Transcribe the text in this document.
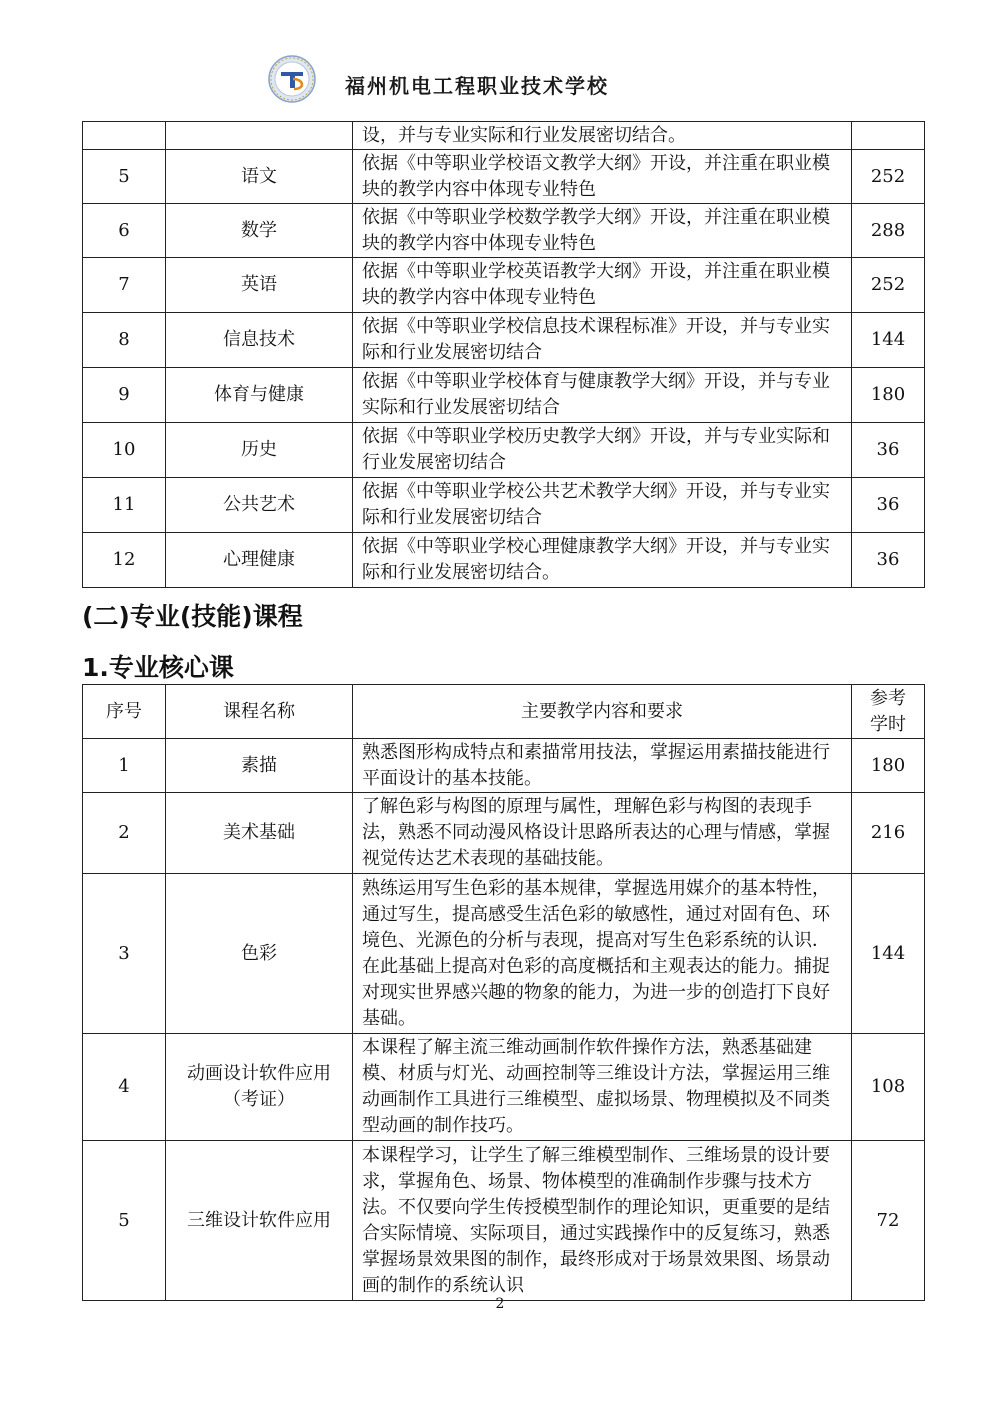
福州机电工程职业技术学校
		设，并与专业实际和行业发展密切结合。	
5	语文	依据《中等职业学校语文教学大纲》开设，并注重在职业模块的教学内容中体现专业特色	252
6	数学	依据《中等职业学校数学教学大纲》开设，并注重在职业模块的教学内容中体现专业特色	288
7	英语	依据《中等职业学校英语教学大纲》开设，并注重在职业模块的教学内容中体现专业特色	252
8	信息技术	依据《中等职业学校信息技术课程标准》开设，并与专业实际和行业发展密切结合	144
9	体育与健康	依据《中等职业学校体育与健康教学大纲》开设，并与专业实际和行业发展密切结合	180
10	历史	依据《中等职业学校历史教学大纲》开设，并与专业实际和行业发展密切结合	36
11	公共艺术	依据《中等职业学校公共艺术教学大纲》开设，并与专业实际和行业发展密切结合	36
12	心理健康	依据《中等职业学校心理健康教学大纲》开设，并与专业实际和行业发展密切结合。	36
(二)专业(技能)课程
1.专业核心课
序号	课程名称	主要教学内容和要求	参考学时
1	素描	熟悉图形构成特点和素描常用技法，掌握运用素描技能进行平面设计的基本技能。	180
2	美术基础	了解色彩与构图的原理与属性，理解色彩与构图的表现手法，熟悉不同动漫风格设计思路所表达的心理与情感，掌握视觉传达艺术表现的基础技能。	216
3	色彩	熟练运用写生色彩的基本规律，掌握选用媒介的基本特性，通过写生，提高感受生活色彩的敏感性，通过对固有色、环境色、光源色的分析与表现，提高对写生色彩系统的认识．在此基础上提高对色彩的高度概括和主观表达的能力。捕捉对现实世界感兴趣的物象的能力，为进一步的创造打下良好基础。	144
4	动画设计软件应用（考证）	本课程了解主流三维动画制作软件操作方法，熟悉基础建模、材质与灯光、动画控制等三维设计方法，掌握运用三维动画制作工具进行三维模型、虚拟场景、物理模拟及不同类型动画的制作技巧。	108
5	三维设计软件应用	本课程学习，让学生了解三维模型制作、三维场景的设计要求，掌握角色、场景、物体模型的准确制作步骤与技术方法。不仅要向学生传授模型制作的理论知识，更重要的是结合实际情境、实际项目，通过实践操作中的反复练习，熟悉掌握场景效果图的制作，最终形成对于场景效果图、场景动画的制作的系统认识	72
2
